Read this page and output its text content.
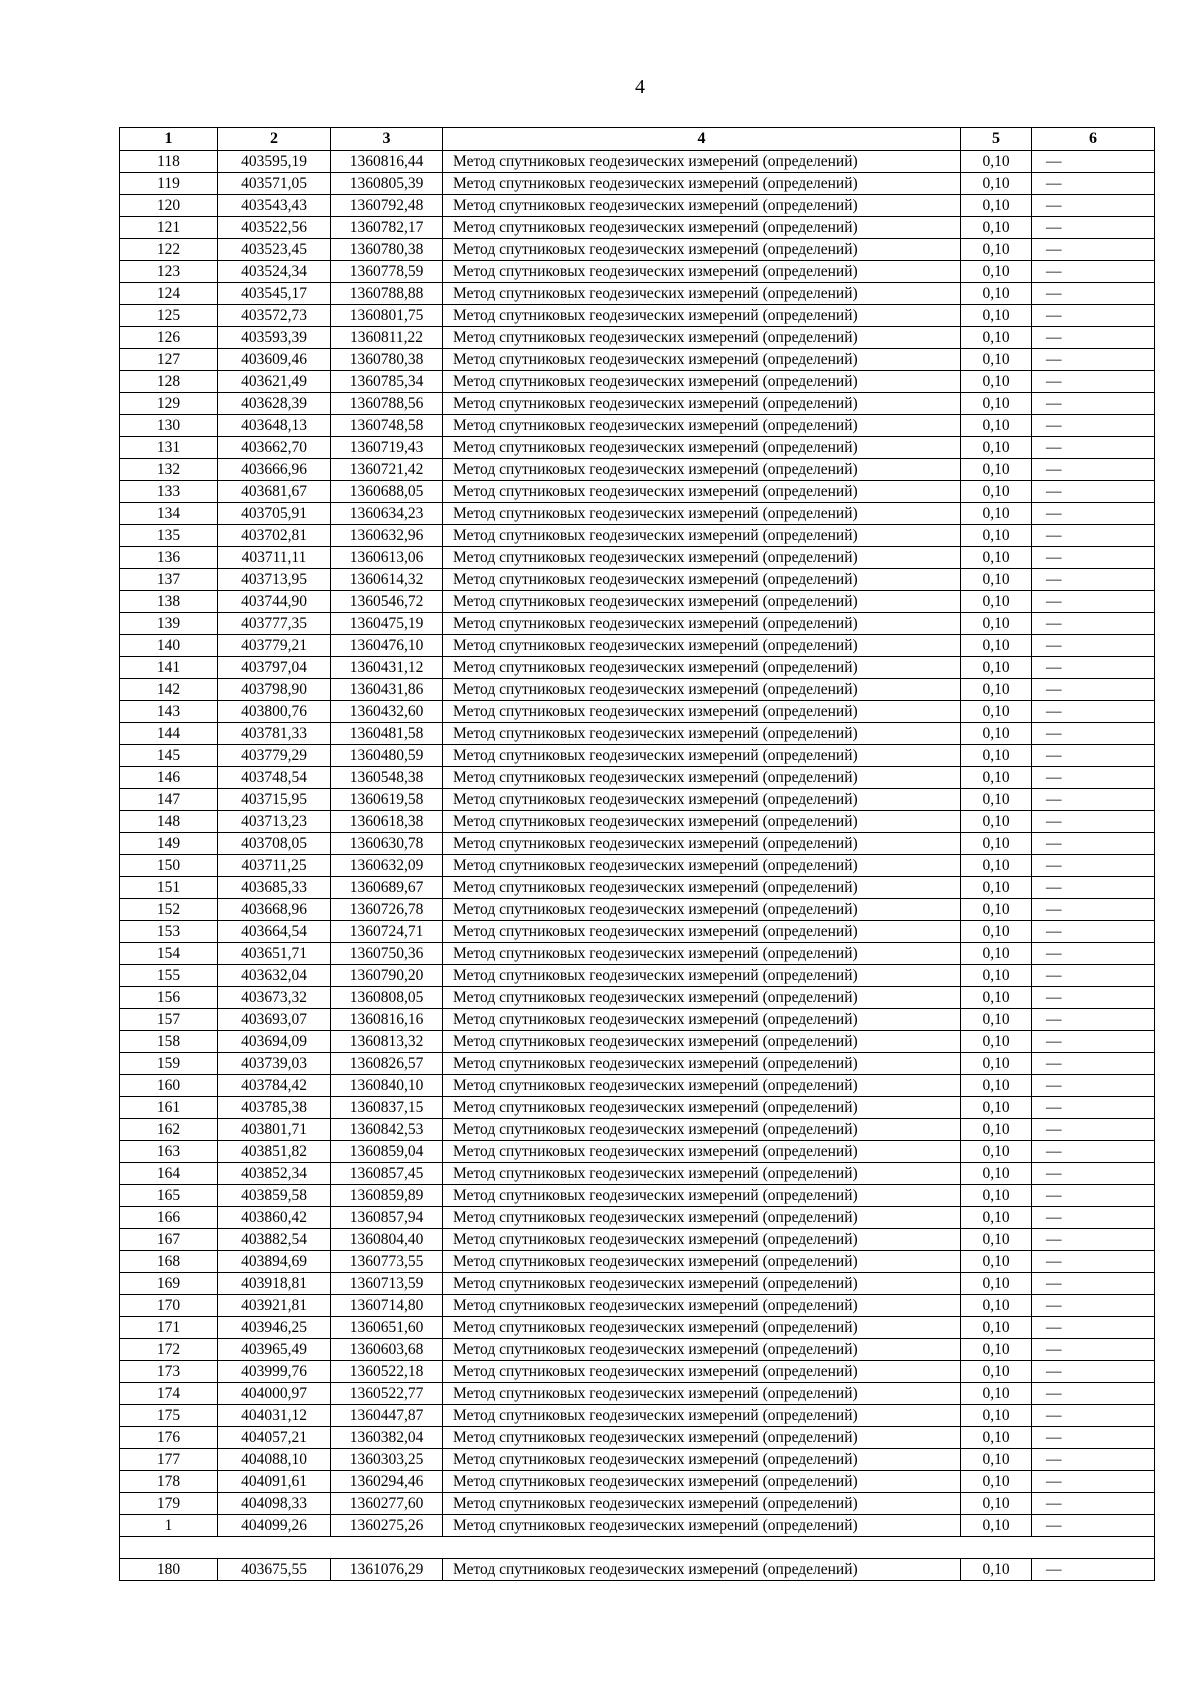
4
1	2	3	4	5	6
118	403595,19	1360816,44	Метод спутниковых геодезических измерений (определений)	0,10	—
119	403571,05	1360805,39	Метод спутниковых геодезических измерений (определений)	0,10	—
120	403543,43	1360792,48	Метод спутниковых геодезических измерений (определений)	0,10	—
121	403522,56	1360782,17	Метод спутниковых геодезических измерений (определений)	0,10	—
122	403523,45	1360780,38	Метод спутниковых геодезических измерений (определений)	0,10	—
123	403524,34	1360778,59	Метод спутниковых геодезических измерений (определений)	0,10	—
124	403545,17	1360788,88	Метод спутниковых геодезических измерений (определений)	0,10	—
125	403572,73	1360801,75	Метод спутниковых геодезических измерений (определений)	0,10	—
126	403593,39	1360811,22	Метод спутниковых геодезических измерений (определений)	0,10	—
127	403609,46	1360780,38	Метод спутниковых геодезических измерений (определений)	0,10	—
128	403621,49	1360785,34	Метод спутниковых геодезических измерений (определений)	0,10	—
129	403628,39	1360788,56	Метод спутниковых геодезических измерений (определений)	0,10	—
130	403648,13	1360748,58	Метод спутниковых геодезических измерений (определений)	0,10	—
131	403662,70	1360719,43	Метод спутниковых геодезических измерений (определений)	0,10	—
132	403666,96	1360721,42	Метод спутниковых геодезических измерений (определений)	0,10	—
133	403681,67	1360688,05	Метод спутниковых геодезических измерений (определений)	0,10	—
134	403705,91	1360634,23	Метод спутниковых геодезических измерений (определений)	0,10	—
135	403702,81	1360632,96	Метод спутниковых геодезических измерений (определений)	0,10	—
136	403711,11	1360613,06	Метод спутниковых геодезических измерений (определений)	0,10	—
137	403713,95	1360614,32	Метод спутниковых геодезических измерений (определений)	0,10	—
138	403744,90	1360546,72	Метод спутниковых геодезических измерений (определений)	0,10	—
139	403777,35	1360475,19	Метод спутниковых геодезических измерений (определений)	0,10	—
140	403779,21	1360476,10	Метод спутниковых геодезических измерений (определений)	0,10	—
141	403797,04	1360431,12	Метод спутниковых геодезических измерений (определений)	0,10	—
142	403798,90	1360431,86	Метод спутниковых геодезических измерений (определений)	0,10	—
143	403800,76	1360432,60	Метод спутниковых геодезических измерений (определений)	0,10	—
144	403781,33	1360481,58	Метод спутниковых геодезических измерений (определений)	0,10	—
145	403779,29	1360480,59	Метод спутниковых геодезических измерений (определений)	0,10	—
146	403748,54	1360548,38	Метод спутниковых геодезических измерений (определений)	0,10	—
147	403715,95	1360619,58	Метод спутниковых геодезических измерений (определений)	0,10	—
148	403713,23	1360618,38	Метод спутниковых геодезических измерений (определений)	0,10	—
149	403708,05	1360630,78	Метод спутниковых геодезических измерений (определений)	0,10	—
150	403711,25	1360632,09	Метод спутниковых геодезических измерений (определений)	0,10	—
151	403685,33	1360689,67	Метод спутниковых геодезических измерений (определений)	0,10	—
152	403668,96	1360726,78	Метод спутниковых геодезических измерений (определений)	0,10	—
153	403664,54	1360724,71	Метод спутниковых геодезических измерений (определений)	0,10	—
154	403651,71	1360750,36	Метод спутниковых геодезических измерений (определений)	0,10	—
155	403632,04	1360790,20	Метод спутниковых геодезических измерений (определений)	0,10	—
156	403673,32	1360808,05	Метод спутниковых геодезических измерений (определений)	0,10	—
157	403693,07	1360816,16	Метод спутниковых геодезических измерений (определений)	0,10	—
158	403694,09	1360813,32	Метод спутниковых геодезических измерений (определений)	0,10	—
159	403739,03	1360826,57	Метод спутниковых геодезических измерений (определений)	0,10	—
160	403784,42	1360840,10	Метод спутниковых геодезических измерений (определений)	0,10	—
161	403785,38	1360837,15	Метод спутниковых геодезических измерений (определений)	0,10	—
162	403801,71	1360842,53	Метод спутниковых геодезических измерений (определений)	0,10	—
163	403851,82	1360859,04	Метод спутниковых геодезических измерений (определений)	0,10	—
164	403852,34	1360857,45	Метод спутниковых геодезических измерений (определений)	0,10	—
165	403859,58	1360859,89	Метод спутниковых геодезических измерений (определений)	0,10	—
166	403860,42	1360857,94	Метод спутниковых геодезических измерений (определений)	0,10	—
167	403882,54	1360804,40	Метод спутниковых геодезических измерений (определений)	0,10	—
168	403894,69	1360773,55	Метод спутниковых геодезических измерений (определений)	0,10	—
169	403918,81	1360713,59	Метод спутниковых геодезических измерений (определений)	0,10	—
170	403921,81	1360714,80	Метод спутниковых геодезических измерений (определений)	0,10	—
171	403946,25	1360651,60	Метод спутниковых геодезических измерений (определений)	0,10	—
172	403965,49	1360603,68	Метод спутниковых геодезических измерений (определений)	0,10	—
173	403999,76	1360522,18	Метод спутниковых геодезических измерений (определений)	0,10	—
174	404000,97	1360522,77	Метод спутниковых геодезических измерений (определений)	0,10	—
175	404031,12	1360447,87	Метод спутниковых геодезических измерений (определений)	0,10	—
176	404057,21	1360382,04	Метод спутниковых геодезических измерений (определений)	0,10	—
177	404088,10	1360303,25	Метод спутниковых геодезических измерений (определений)	0,10	—
178	404091,61	1360294,46	Метод спутниковых геодезических измерений (определений)	0,10	—
179	404098,33	1360277,60	Метод спутниковых геодезических измерений (определений)	0,10	—
1	404099,26	1360275,26	Метод спутниковых геодезических измерений (определений)	0,10	—

180	403675,55	1361076,29	Метод спутниковых геодезических измерений (определений)	0,10	—
